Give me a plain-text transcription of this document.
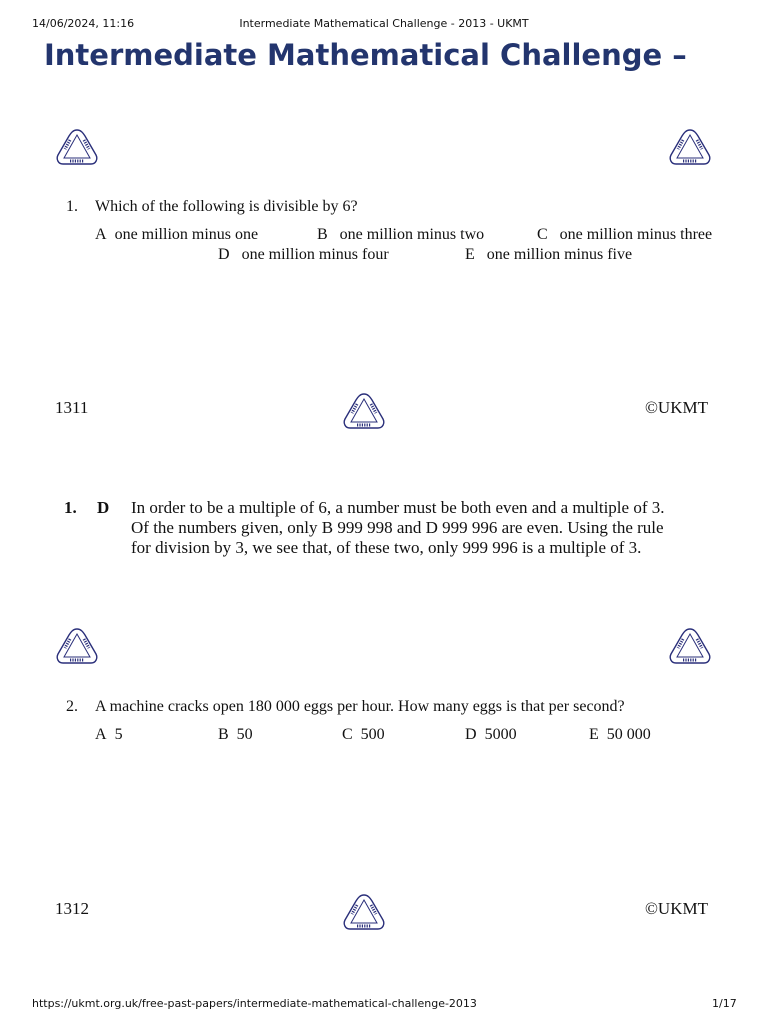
14/06/2024, 11:16	Intermediate Mathematical Challenge - 2013 - UKMT
Intermediate Mathematical Challenge –
1. Which of the following is divisible by 6?
A one million minus one	B one million minus two	C one million minus three
D one million minus four	E one million minus five
1311	©UKMT
1. D In order to be a multiple of 6, a number must be both even and a multiple of 3.
Of the numbers given, only B 999 998 and D 999 996 are even. Using the rule
for division by 3, we see that, of these two, only 999 996 is a multiple of 3.
2. A machine cracks open 180 000 eggs per hour. How many eggs is that per second?
A 5	B 50	C 500	D 5000	E 50 000
1312	©UKMT
https://ukmt.org.uk/free-past-papers/intermediate-mathematical-challenge-2013	1/17
